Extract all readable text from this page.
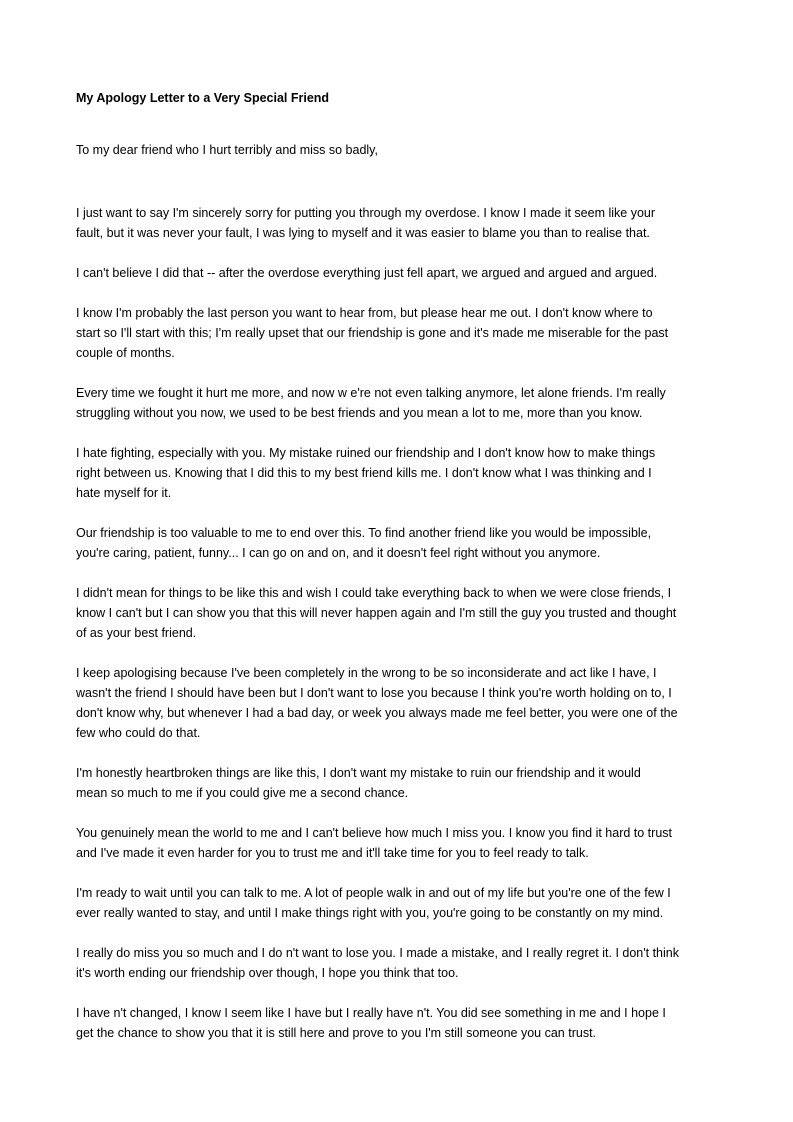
My Apology Letter to a Very Special Friend
To my dear friend who I hurt terribly and miss so badly,
I just want to say I'm sincerely sorry for putting you through my overdose. I know I made it seem like your
fault, but it was never your fault, I was lying to myself and it was easier to blame you than to realise that.
I can't believe I did that -- after the overdose everything just fell apart, we argued and argued and argued.
I know I'm probably the last person you want to hear from, but please hear me out. I don't know where to
start so I'll start with this; I'm really upset that our friendship is gone and it's made me miserable for the past
couple of months.
Every time we fought it hurt me more, and now w e're not even talking anymore, let alone friends. I'm really
struggling without you now, we used to be best friends and you mean a lot to me, more than you know.
I hate fighting, especially with you. My mistake ruined our friendship and I don't know how to make things
right between us. Knowing that I did this to my best friend kills me. I don't know what I was thinking and I
hate myself for it.
Our friendship is too valuable to me to end over this. To find another friend like you would be impossible,
you're caring, patient, funny... I can go on and on, and it doesn't feel right without you anymore.
I didn't mean for things to be like this and wish I could take everything back to when we were close friends, I
know I can't but I can show you that this will never happen again and I'm still the guy you trusted and thought
of as your best friend.
I keep apologising because I've been completely in the wrong to be so inconsiderate and act like I have, I
wasn't the friend I should have been but I don't want to lose you because I think you're worth holding on to, I
don't know why, but whenever I had a bad day, or week you always made me feel better, you were one of the
few who could do that.
I'm honestly heartbroken things are like this, I don't want my mistake to ruin our friendship and it would
mean so much to me if you could give me a second chance.
You genuinely mean the world to me and I can't believe how much I miss you. I know you find it hard to trust
and I've made it even harder for you to trust me and it'll take time for you to feel ready to talk.
I'm ready to wait until you can talk to me. A lot of people walk in and out of my life but you're one of the few I
ever really wanted to stay, and until I make things right with you, you're going to be constantly on my mind.
I really do miss you so much and I do n't want to lose you. I made a mistake, and I really regret it. I don't think
it's worth ending our friendship over though, I hope you think that too.
I have n't changed, I know I seem like I have but I really have n't. You did see something in me and I hope I
get the chance to show you that it is still here and prove to you I'm still someone you can trust.
